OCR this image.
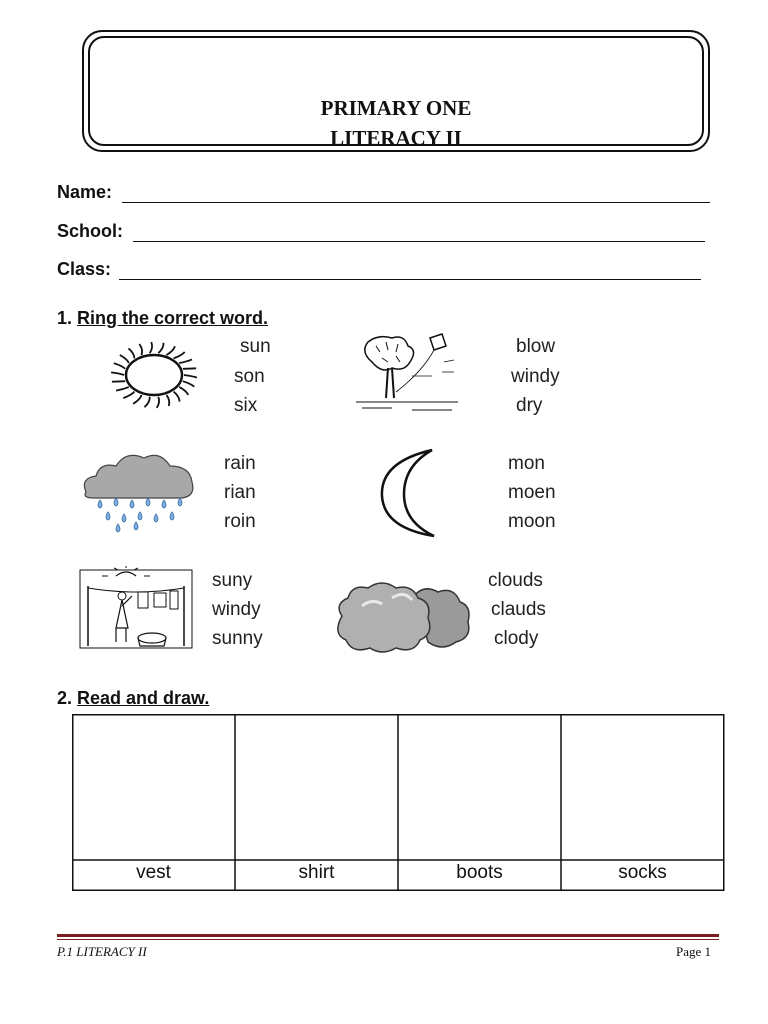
PRIMARY ONE
LITERACY II
Name:
School:
Class:
1. Ring the correct word.
sun
son
six
blow
windy
dry
rain
rian
roin
mon
moen
moon
suny
windy
sunny
clouds
clauds
clody
2. Read and draw.
vest	shirt	boots	socks
P.1 LITERACY II	Page 1
